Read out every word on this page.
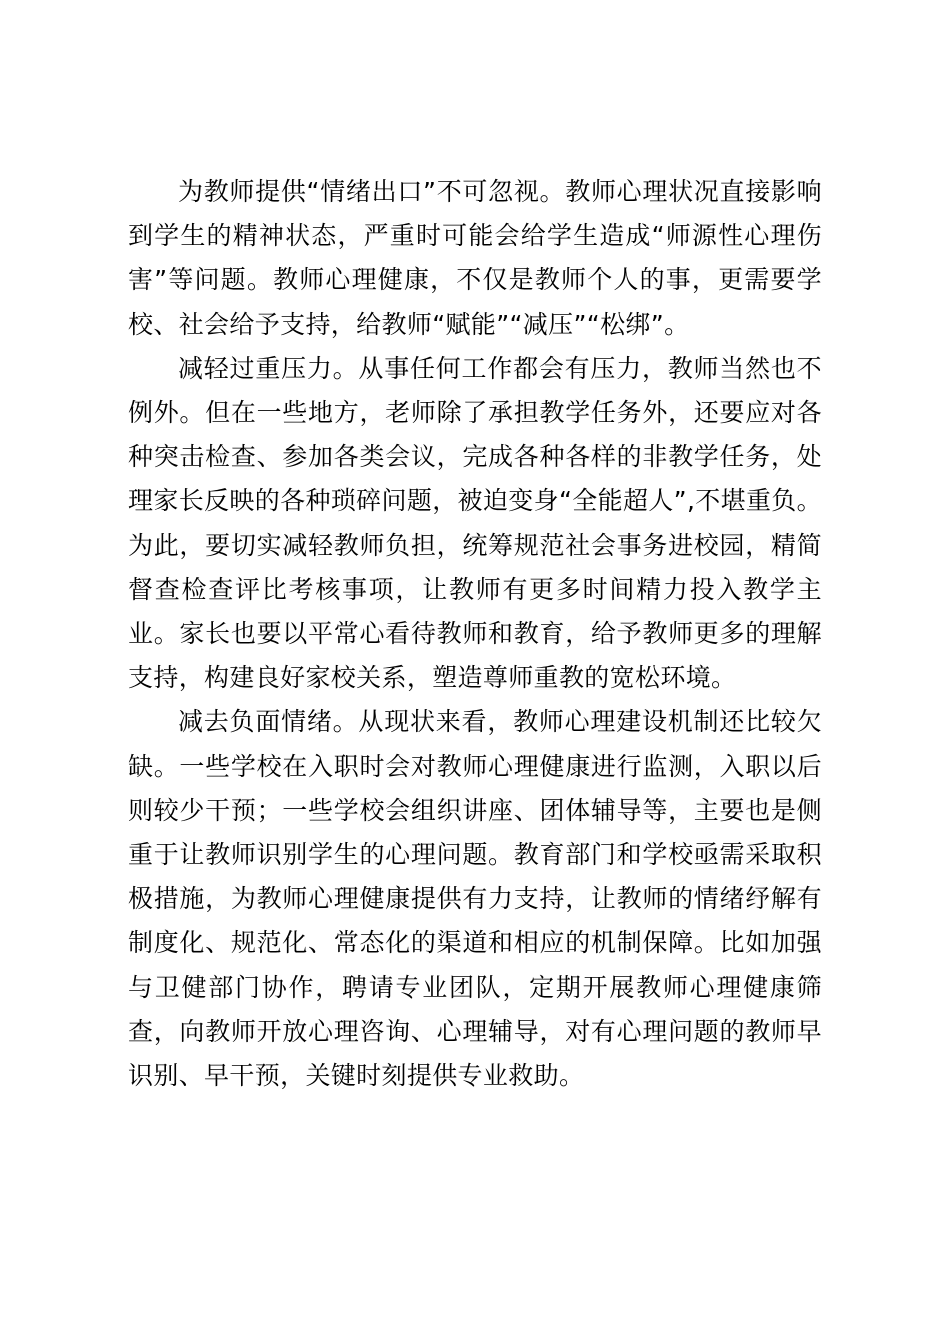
为教师提供“情绪出口”不可忽视。教师心理状况直接影响到学生的精神状态，严重时可能会给学生造成“师源性心理伤害”等问题。教师心理健康，不仅是教师个人的事，更需要学校、社会给予支持，给教师“赋能”“减压”“松绑”。

减轻过重压力。从事任何工作都会有压力，教师当然也不例外。但在一些地方，老师除了承担教学任务外，还要应对各种突击检查、参加各类会议，完成各种各样的非教学任务，处理家长反映的各种琐碎问题，被迫变身“全能超人”,不堪重负。为此，要切实减轻教师负担，统筹规范社会事务进校园，精简督查检查评比考核事项，让教师有更多时间精力投入教学主业。家长也要以平常心看待教师和教育，给予教师更多的理解支持，构建良好家校关系，塑造尊师重教的宽松环境。

减去负面情绪。从现状来看，教师心理建设机制还比较欠缺。一些学校在入职时会对教师心理健康进行监测，入职以后则较少干预；一些学校会组织讲座、团体辅导等，主要也是侧重于让教师识别学生的心理问题。教育部门和学校亟需采取积极措施，为教师心理健康提供有力支持，让教师的情绪纾解有制度化、规范化、常态化的渠道和相应的机制保障。比如加强与卫健部门协作，聘请专业团队，定期开展教师心理健康筛查，向教师开放心理咨询、心理辅导，对有心理问题的教师早识别、早干预，关键时刻提供专业救助。
